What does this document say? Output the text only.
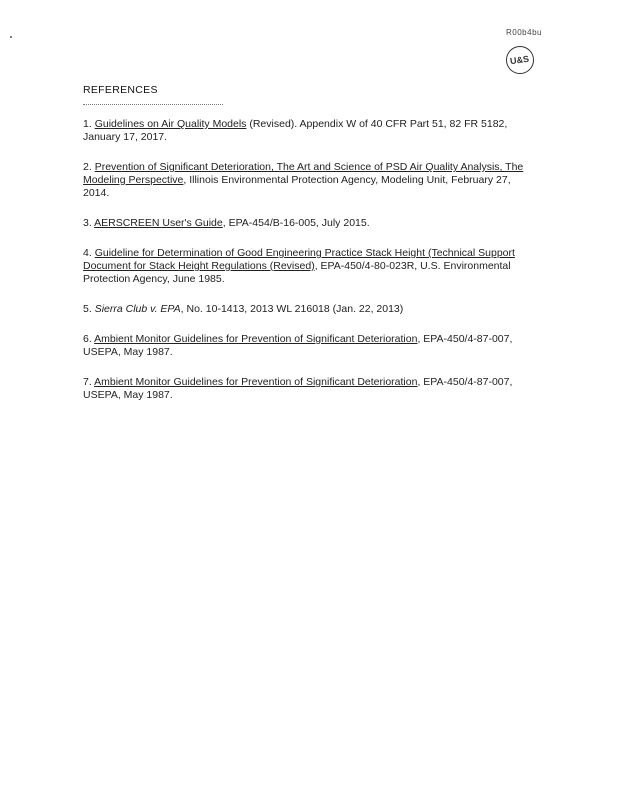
R00b4bu
U&S
REFERENCES
1. Guidelines on Air Quality Models (Revised). Appendix W of 40 CFR Part 51, 82 FR 5182, January 17, 2017.
2. Prevention of Significant Deterioration, The Art and Science of PSD Air Quality Analysis, The Modeling Perspective, Illinois Environmental Protection Agency, Modeling Unit, February 27, 2014.
3. AERSCREEN User's Guide, EPA-454/B-16-005, July 2015.
4. Guideline for Determination of Good Engineering Practice Stack Height (Technical Support Document for Stack Height Regulations (Revised), EPA-450/4-80-023R, U.S. Environmental Protection Agency, June 1985.
5. Sierra Club v. EPA, No. 10-1413, 2013 WL 216018 (Jan. 22, 2013)
6. Ambient Monitor Guidelines for Prevention of Significant Deterioration, EPA-450/4-87-007, USEPA, May 1987.
7. Ambient Monitor Guidelines for Prevention of Significant Deterioration, EPA-450/4-87-007, USEPA, May 1987.
